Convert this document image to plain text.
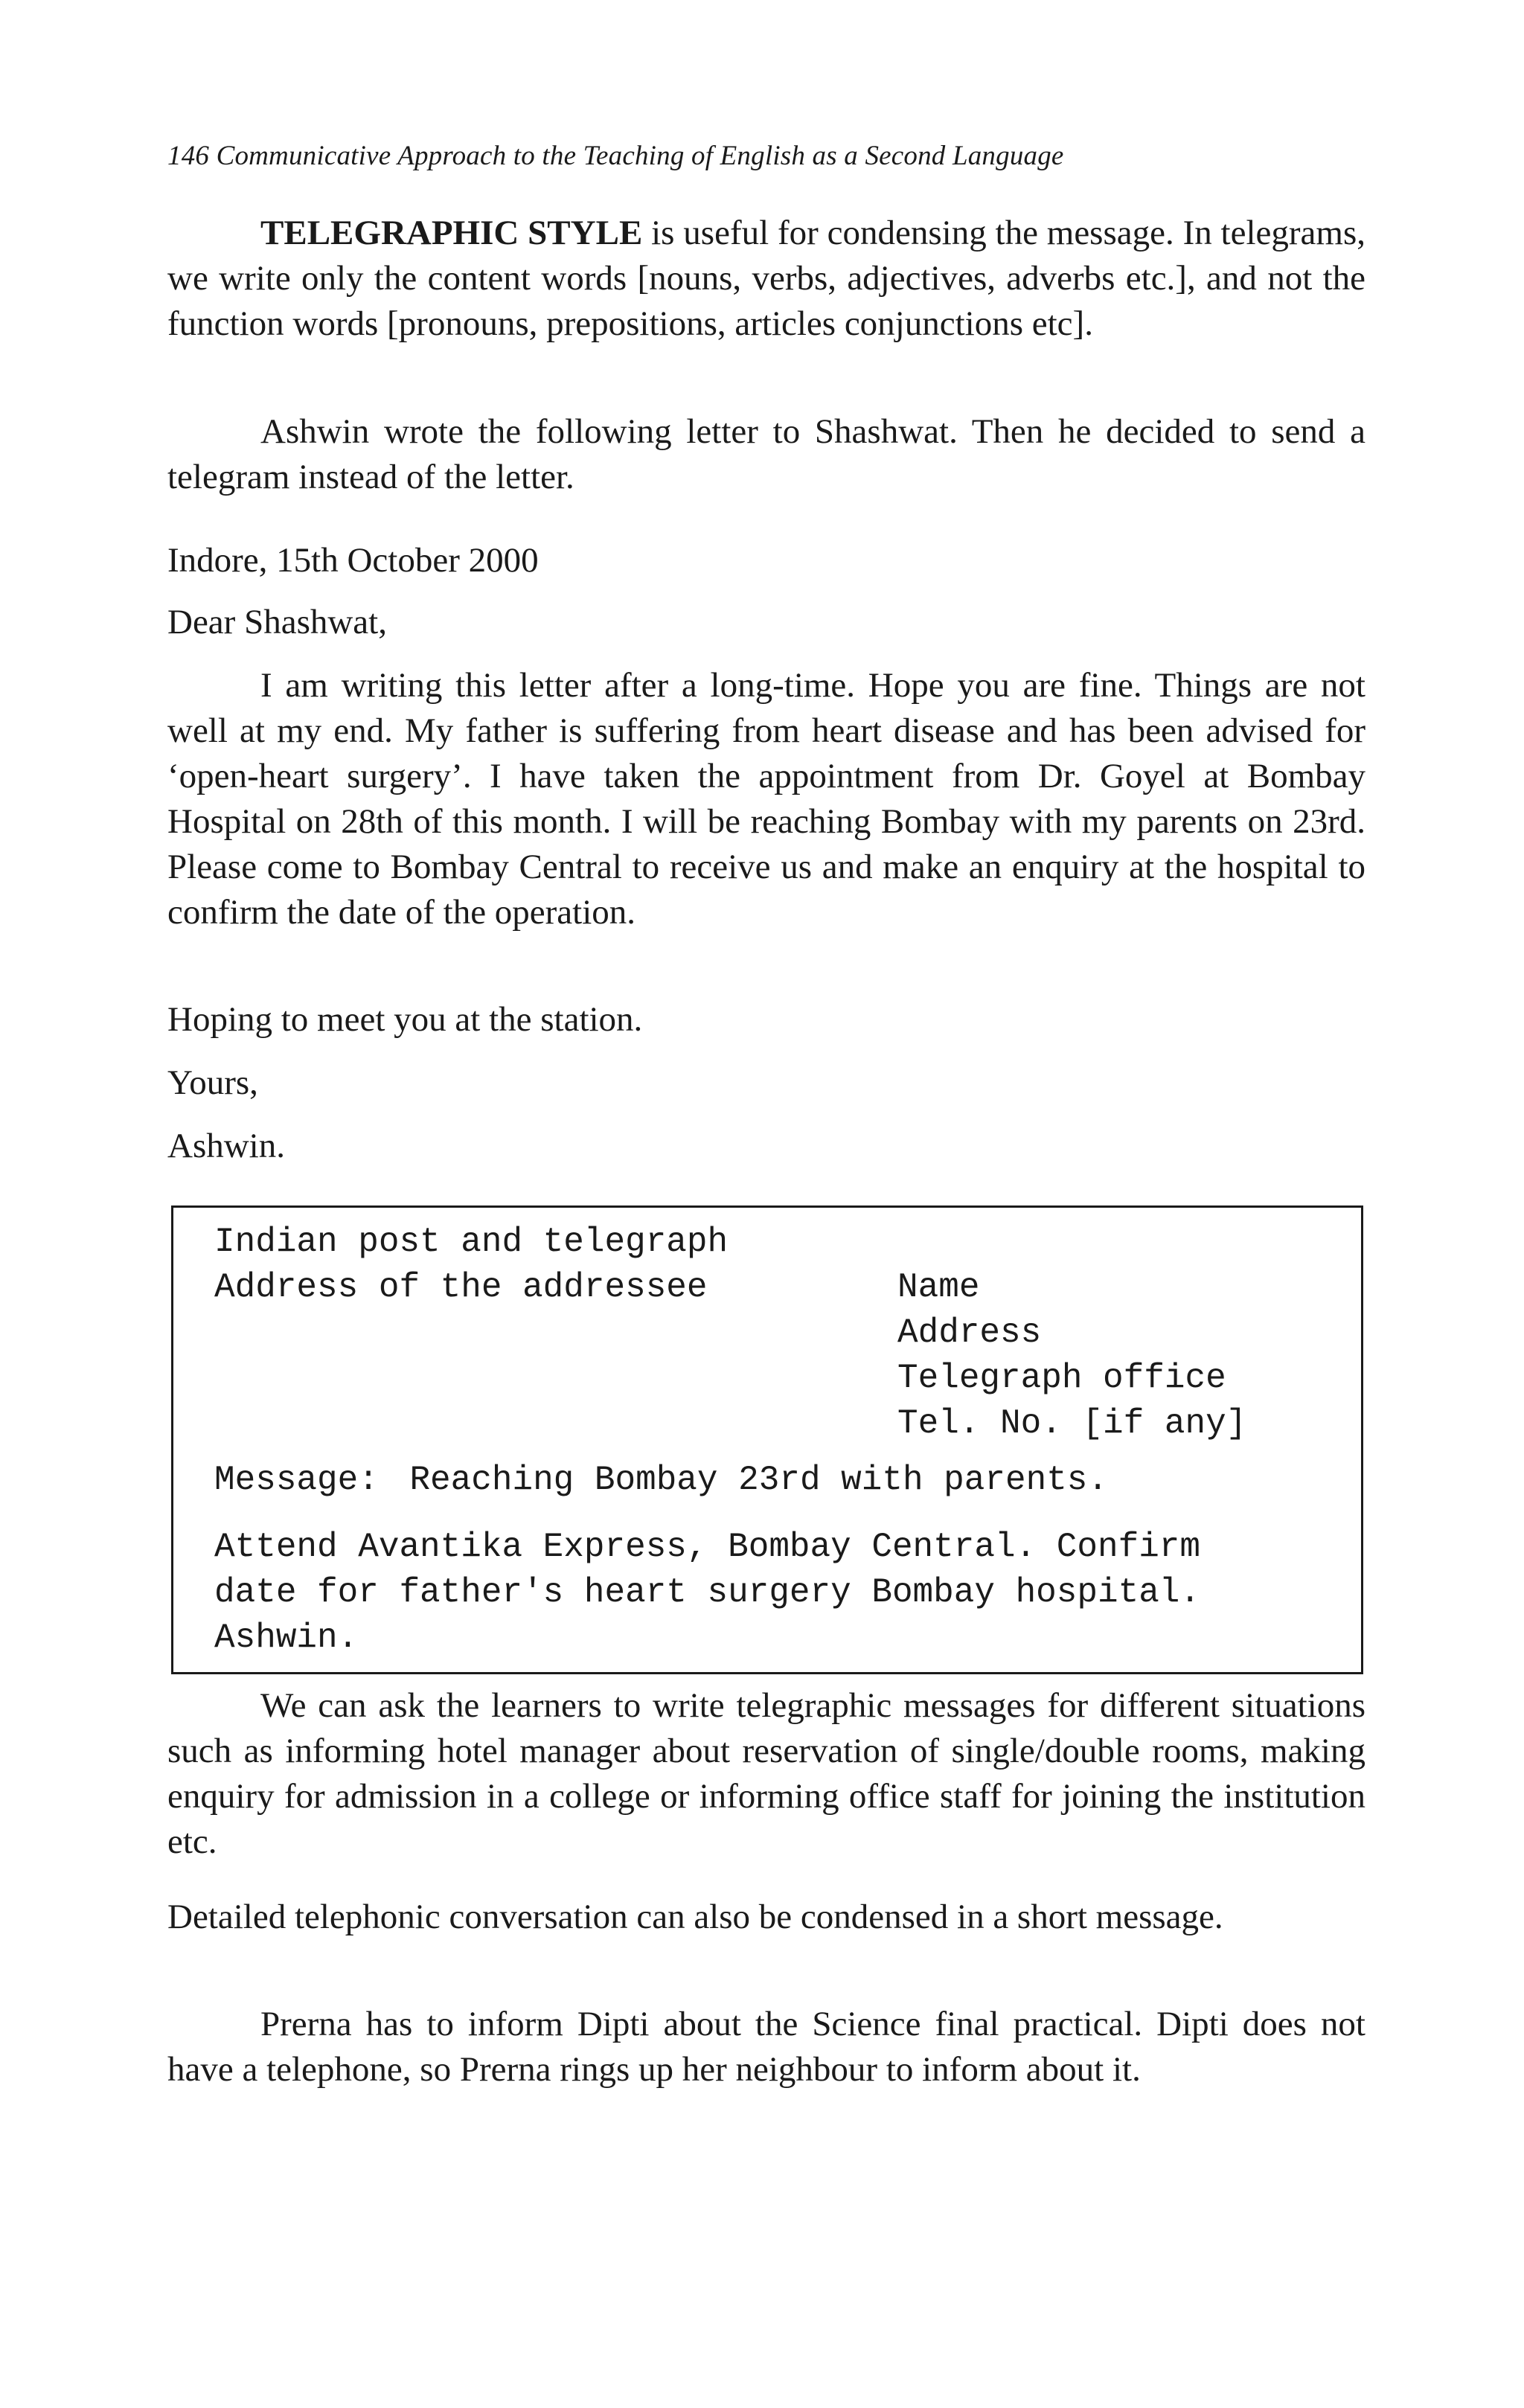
146 Communicative Approach to the Teaching of English as a Second Language
TELEGRAPHIC STYLE is useful for condensing the message. In telegrams, we write only the content words [nouns, verbs, adjectives, adverbs etc.], and not the function words [pronouns, prepositions, articles conjunctions etc].
Ashwin wrote the following letter to Shashwat. Then he decided to send a telegram instead of the letter.
Indore, 15th October 2000
Dear Shashwat,
I am writing this letter after a long-time. Hope you are fine. Things are not well at my end. My father is suffering from heart disease and has been advised for ‘open-heart surgery’. I have taken the appointment from Dr. Goyel at Bombay Hospital on 28th of this month. I will be reaching Bombay with my parents on 23rd. Please come to Bombay Central to receive us and make an enquiry at the hospital to confirm the date of the operation.
Hoping to meet you at the station.
Yours,
Ashwin.
Indian post and telegraph
Address of the addressee	Name
Address
Telegraph office
Tel. No. [if any]
Message: Reaching Bombay 23rd with parents.
Attend Avantika Express, Bombay Central. Confirm
date for father's heart surgery Bombay hospital.
Ashwin.
We can ask the learners to write telegraphic messages for different situations such as informing hotel manager about reservation of single/double rooms, making enquiry for admission in a college or informing office staff for joining the institution etc.
Detailed telephonic conversation can also be condensed in a short message.
Prerna has to inform Dipti about the Science final practical. Dipti does not have a telephone, so Prerna rings up her neighbour to inform about it.
